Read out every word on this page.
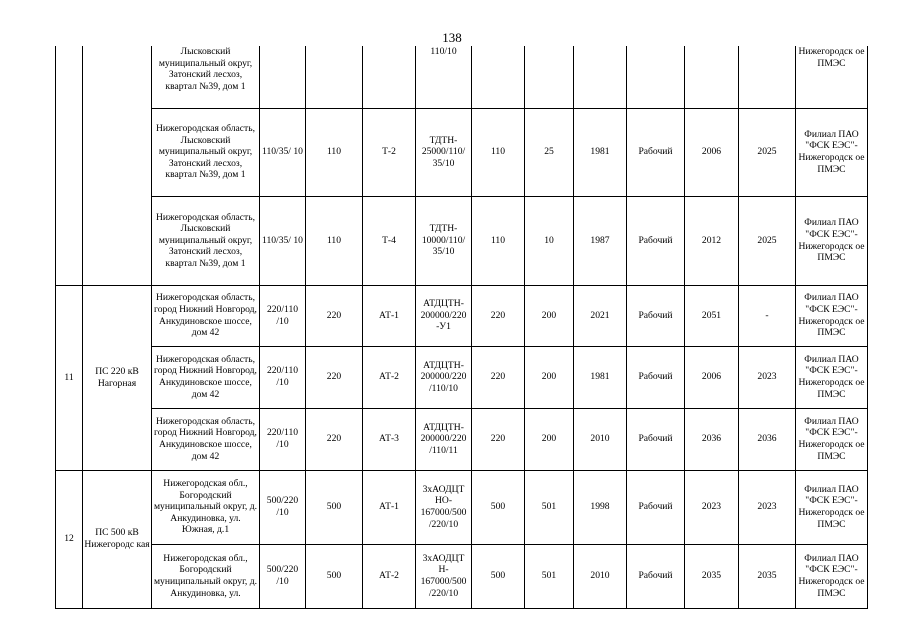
138
		Лысковский муниципальный округ, Затонский лесхоз, квартал №39, дом 1				110/10							Нижегородск ое ПМЭС
		Нижегородская область, Лысковский муниципальный округ, Затонский лесхоз, квартал №39, дом 1	110/35/ 10	110	Т-2	ТДТН- 25000/110/ 35/10	110	25	1981	Рабочий	2006	2025	Филиал ПАО "ФСК ЕЭС"- Нижегородск ое ПМЭС
		Нижегородская область, Лысковский муниципальный округ, Затонский лесхоз, квартал №39, дом 1	110/35/ 10	110	Т-4	ТДТН- 10000/110/ 35/10	110	10	1987	Рабочий	2012	2025	Филиал ПАО "ФСК ЕЭС"- Нижегородск ое ПМЭС
11	ПС 220 кВ Нагорная	Нижегородская область, город Нижний Новгород, Анкудиновское шоссе, дом 42	220/110 /10	220	АТ-1	АТДЦТН- 200000/220 -У1	220	200	2021	Рабочий	2051	-	Филиал ПАО "ФСК ЕЭС"- Нижегородск ое ПМЭС
		Нижегородская область, город Нижний Новгород, Анкудиновское шоссе, дом 42	220/110 /10	220	АТ-2	АТДЦТН- 200000/220 /110/10	220	200	1981	Рабочий	2006	2023	Филиал ПАО "ФСК ЕЭС"- Нижегородск ое ПМЭС
		Нижегородская область, город Нижний Новгород, Анкудиновское шоссе, дом 42	220/110 /10	220	АТ-3	АТДЦТН- 200000/220 /110/11	220	200	2010	Рабочий	2036	2036	Филиал ПАО "ФСК ЕЭС"- Нижегородск ое ПМЭС
12	ПС 500 кВ Нижегородс кая	Нижегородская обл., Богородский муниципальный округ, д. Анкудиновка, ул. Южная, д.1	500/220 /10	500	АТ-1	3хАОДЦТ НО- 167000/500 /220/10	500	501	1998	Рабочий	2023	2023	Филиал ПАО "ФСК ЕЭС"- Нижегородск ое ПМЭС
		Нижегородская обл., Богородский муниципальный округ, д. Анкудиновка, ул.	500/220 /10	500	АТ-2	3хАОДЦТ Н- 167000/500 /220/10	500	501	2010	Рабочий	2035	2035	Филиал ПАО "ФСК ЕЭС"- Нижегородск ое ПМЭС
